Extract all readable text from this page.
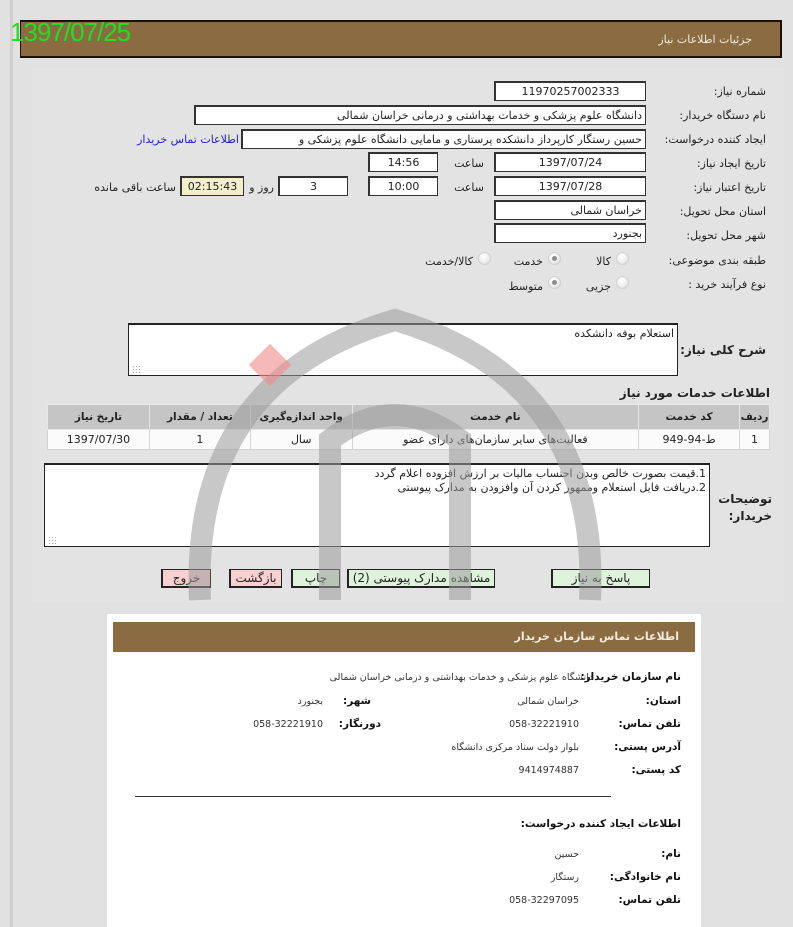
1397/07/25	جزئیات اطلاعات نیاز
شماره نیاز:
11970257002333
نام دستگاه خریدار:
دانشگاه علوم پزشکی و خدمات بهداشتی و درمانی خراسان شمالی
ایجاد کننده درخواست:
حسین رستگار کارپرداز دانشکده پرستاری و مامایی دانشگاه علوم پزشکی و
اطلاعات تماس خریدار
تاریخ ایجاد نیاز:
1397/07/24
ساعت
14:56
تاریخ اعتبار نیاز:
1397/07/28
ساعت
10:00
3
روز و
02:15:43
ساعت باقی مانده
استان محل تحویل:
خراسان شمالی
شهر محل تحویل:
بجنورد
طبقه بندی موضوعی:
کالا
خدمت
کالا/خدمت
نوع فرآیند خرید :
جزیی
متوسط
شرح کلی نیاز:
استعلام بوفه دانشکده
اطلاعات خدمات مورد نیاز
ردیف	کد خدمت	نام خدمت	واحد اندازه‌گیری	تعداد / مقدار	تاریخ نیاز
1	ط-94-949	فعالیت‌های سایر سازمان‌های دارای عضو	سال	1	1397/07/30
توضیحات خریدار:
1.قیمت بصورت خالص وبدن احتساب مالیات بر ارزش افزوده اعلام گردد
2.دریافت فایل استعلام وممهور کردن آن وافزودن به مدارک پیوستی
پاسخ به نیاز
مشاهده مدارک پیوستی (2)
چاپ
بازگشت
خروج
اطلاعات تماس سازمان خریدار
نام سازمان خریدار:
دانشگاه علوم پزشکی و خدمات بهداشتی و درمانی خراسان شمالی
استان:
خراسان شمالی
شهر:
بجنورد
تلفن تماس:
058-32221910
دورنگار:
058-32221910
آدرس پستی:
بلوار دولت ستاد مرکزی دانشگاه
کد پستی:
9414974887
اطلاعات ایجاد کننده درخواست:
نام:
حسین
نام خانوادگی:
رستگار
تلفن تماس:
058-32297095
